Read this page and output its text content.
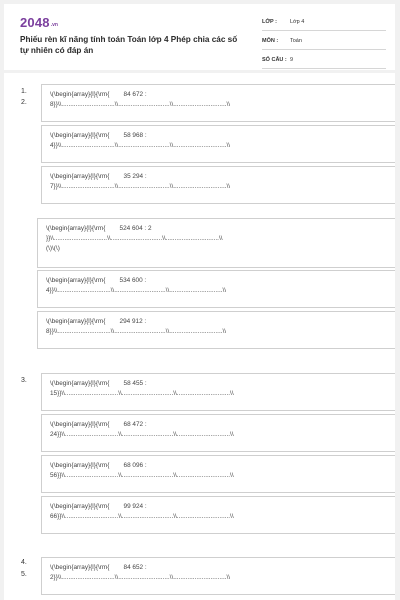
2048 .vn
Phiếu rèn kĩ năng tính toán Toán lớp 4 Phép chia các số tự nhiên có đáp án
LỚP : Lớp 4
MÔN : Toán
SỐ CÂU : 9
1.
2.
\(\begin{array}{l}{\rm{        84 672 :
8}}\\..............................\\.............................\\..............................\\
\(\begin{array}{l}{\rm{        58 968 :
4}}\\..............................\\.............................\\..............................\\
\(\begin{array}{l}{\rm{        35 294 :
7}}\\..............................\\.............................\\..............................\\
\(\begin{array}{l}{\rm{        524 604 : 2
}}\\..............................\\.............................\\..............................\\
(\)\(\)
\(\begin{array}{l}{\rm{        534 600 :
4}}\\..............................\\.............................\\..............................\\
\(\begin{array}{l}{\rm{        294 912 :
8}}\\..............................\\.............................\\..............................\\
3.	\(\begin{array}{l}{\rm{        58 455 :
15}}\\..............................\\.............................\\..............................\\
\(\begin{array}{l}{\rm{        68 472 :
24}}\\..............................\\.............................\\..............................\\
\(\begin{array}{l}{\rm{        68 096 :
56}}\\..............................\\.............................\\..............................\\
\(\begin{array}{l}{\rm{        99 924 :
66}}\\..............................\\.............................\\..............................\\
4.
5.
\(\begin{array}{l}{\rm{        84 652 :
2}}\\..............................\\.............................\\..............................\\
